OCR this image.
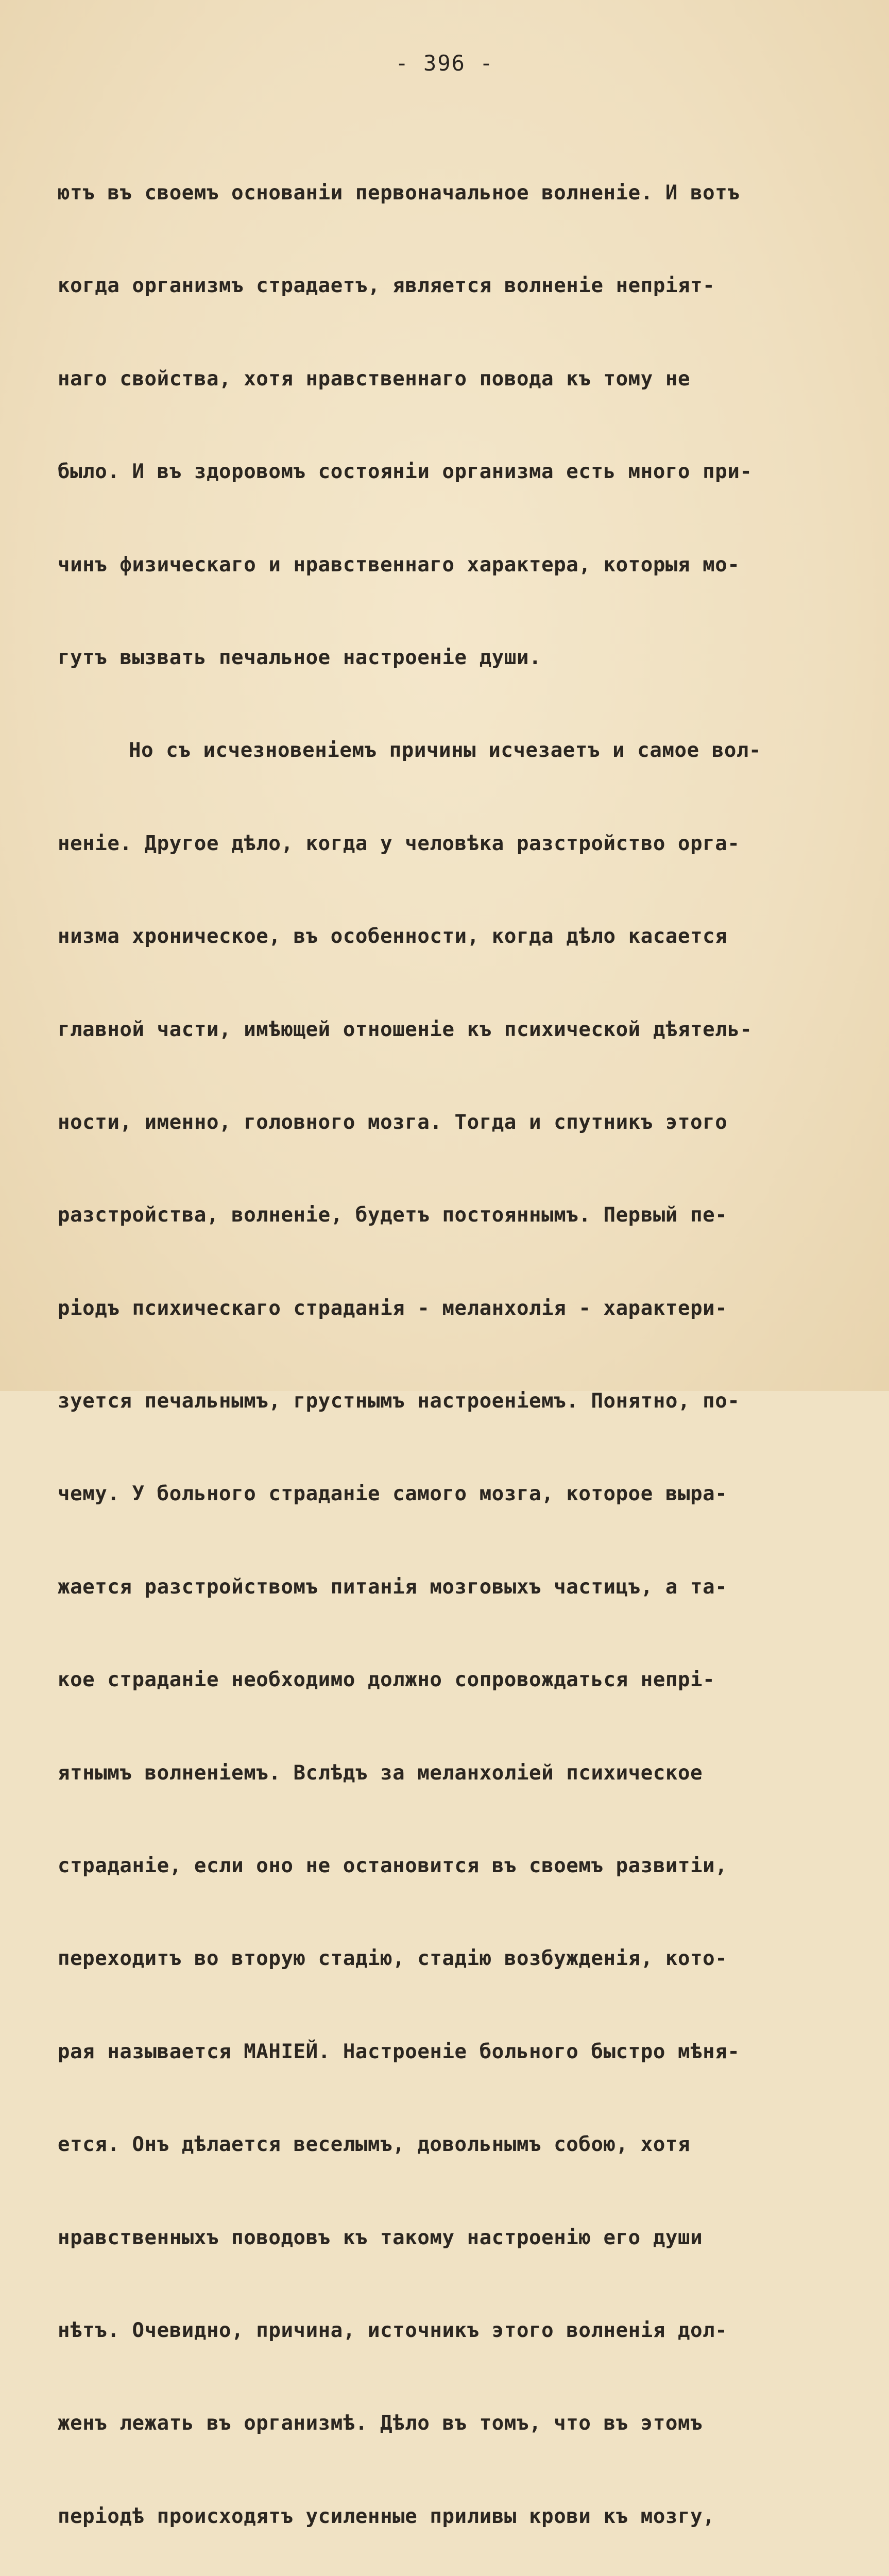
- 396 -

ютъ въ своемъ основаніи первоначальное волненіе. И вотъ

когда организмъ страдаетъ, является волненіе непріят-

наго свойства, хотя нравственнаго повода къ тому не

было. И въ здоровомъ состояніи организма есть много при-

чинъ физическаго и нравственнаго характера, которыя мо-

гутъ вызвать печальное настроеніе души.

Но съ исчезновеніемъ причины исчезаетъ и самое вол-

неніе. Другое дѣло, когда у человѣка разстройство орга-

низма хроническое, въ особенности, когда дѣло касается

главной части, имѣющей отношеніе къ психической дѣятель-

ности, именно, головного мозга. Тогда и спутникъ этого

разстройства, волненіе, будетъ постояннымъ. Первый пе-

ріодъ психическаго страданія - меланхолія - характери-

зуется печальнымъ, грустнымъ настроеніемъ. Понятно, по-

чему. У больного страданіе самого мозга, которое выра-

жается разстройствомъ питанія мозговыхъ частицъ, а та-

кое страданіе необходимо должно сопровождаться непрі-

ятнымъ волненіемъ. Вслѣдъ за меланхоліей психическое

страданіе, если оно не остановится въ своемъ развитіи,

переходитъ во вторую стадію, стадію возбужденія, кото-

рая называется МАНІЕЙ. Настроеніе больного быстро мѣня-

ется. Онъ дѣлается веселымъ, довольнымъ собою, хотя

нравственныхъ поводовъ къ такому настроенію его души

нѣтъ. Очевидно, причина, источникъ этого волненія дол-

женъ лежать въ организмѣ. Дѣло въ томъ, что въ этомъ

періодѣ происходятъ усиленные приливы крови къ мозгу,
